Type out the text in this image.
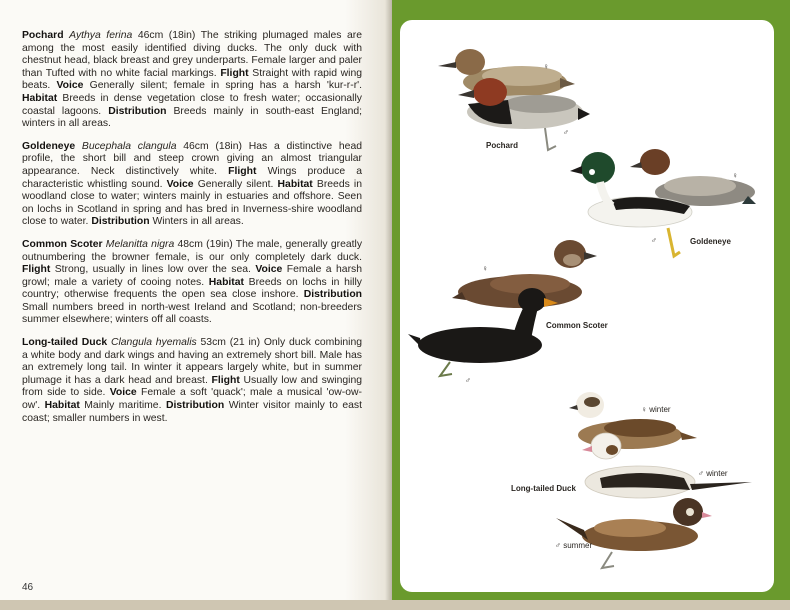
Pochard Aythya ferina 46cm (18in) The striking plumaged males are among the most easily identified diving ducks. The only duck with chestnut head, black breast and grey underparts. Female larger and paler than Tufted with no white facial markings. Flight Straight with rapid wing beats. Voice Generally silent; female in spring has a harsh 'kur-r-r'. Habitat Breeds in dense vegetation close to fresh water; occasionally coastal lagoons. Distribution Breeds mainly in south-east England; winters in all areas.

Goldeneye Bucephala clangula 46cm (18in) Has a distinctive head profile, the short bill and steep crown giving an almost triangular appearance. Neck distinctively white. Flight Wings produce a characteristic whistling sound. Voice Generally silent. Habitat Breeds in woodland close to water; winters mainly in estuaries and offshore. Seen on lochs in Scotland in spring and has bred in Inverness-shire woodland close to water. Distribution Winters in all areas.

Common Scoter Melanitta nigra 48cm (19in) The male, generally greatly outnumbering the browner female, is our only completely dark duck. Flight Strong, usually in lines low over the sea. Voice Female a harsh growl; male a variety of cooing notes. Habitat Breeds on lochs in hilly country; otherwise frequents the open sea close inshore. Distribution Small numbers breed in north-west Ireland and Scotland; non-breeders summer elsewhere; winters off all coasts.

Long-tailed Duck Clangula hyemalis 53cm (21 in) Only duck combining a white body and dark wings and having an extremely short bill. Male has an extremely long tail. In winter it appears largely white, but in summer plumage it has a dark head and breast. Flight Usually low and swinging from side to side. Voice Female a soft 'quack'; male a musical 'ow-ow-ow'. Habitat Mainly maritime. Distribution Winter visitor mainly to east coast; smaller numbers in west.

46
Pochard
Goldeneye
Common Scoter
Long-tailed Duck
♀
♂
♀
♂
♀
♂
♀ winter
♂ winter
♂ summer
